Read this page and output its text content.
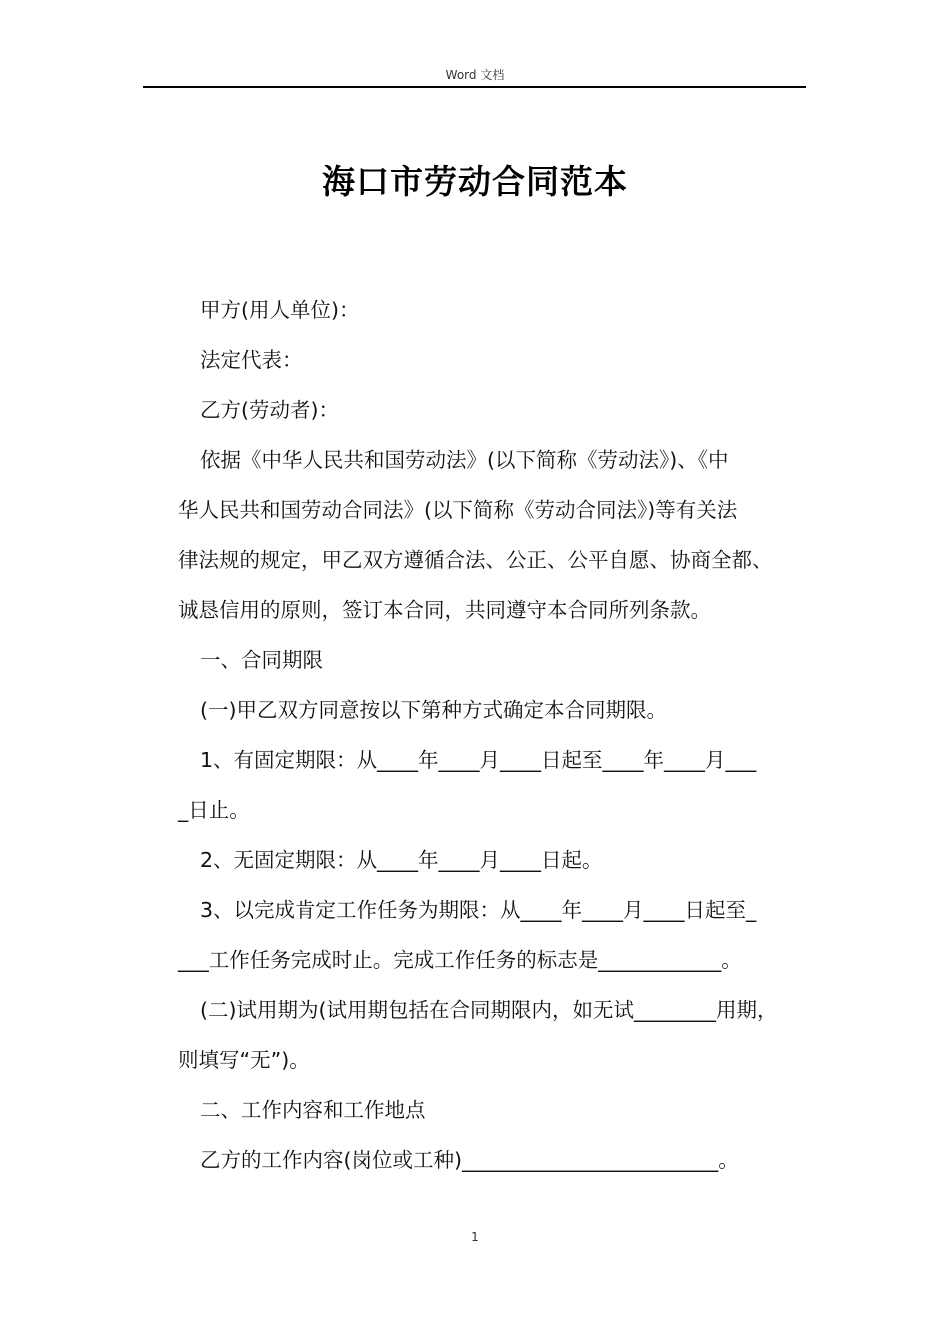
Word 文档
海口市劳动合同范本
甲方(用人单位)：
法定代表：
乙方(劳动者)：
依据《中华人民共和国劳动法》(以下简称《劳动法》)、《中
华人民共和国劳动合同法》(以下简称《劳动合同法》)等有关法
律法规的规定，甲乙双方遵循合法、公正、公平自愿、协商全都、
诚恳信用的原则，签订本合同，共同遵守本合同所列条款。
一、合同期限
(一)甲乙双方同意按以下第种方式确定本合同期限。
1、有固定期限：从____年____月____日起至____年____月___
_日止。
2、无固定期限：从____年____月____日起。
3、以完成肯定工作任务为期限：从____年____月____日起至_
___工作任务完成时止。完成工作任务的标志是____________。
(二)试用期为(试用期包括在合同期限内，如无试________用期，
则填写“无”)。
二、工作内容和工作地点
乙方的工作内容(岗位或工种)_________________________。
1
